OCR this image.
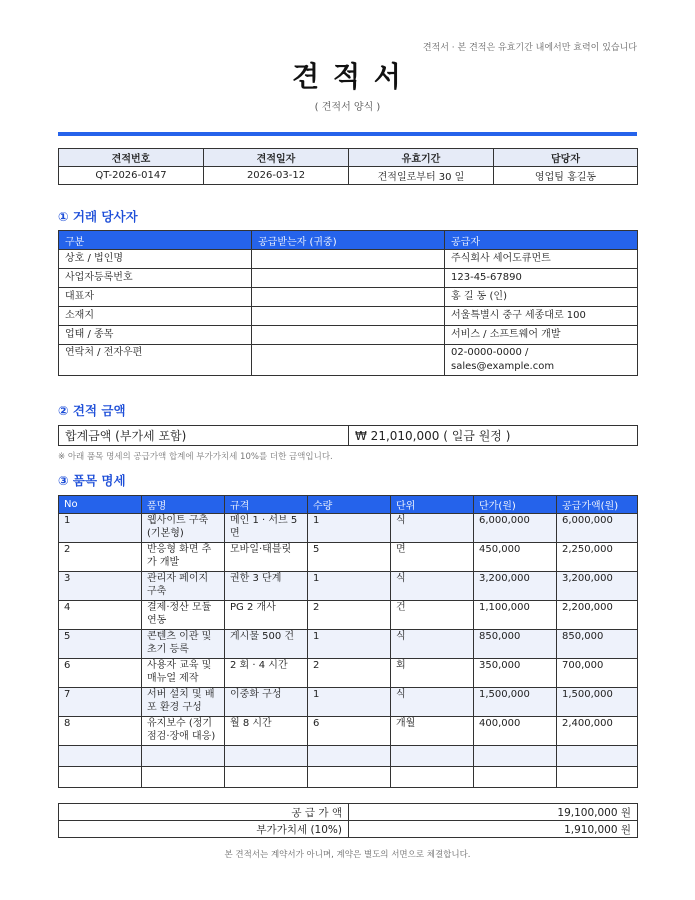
견적서 · 본 견적은 유효기간 내에서만 효력이 있습니다
견 적 서
( 견적서 양식 )
견적번호	견적일자	유효기간	담당자
QT-2026-0147	2026-03-12	견적일로부터 30 일	영업팀 홍길동
① 거래 당사자
구분	공급받는자 (귀중)	공급자
상호 / 법인명		주식회사 세어도큐먼트
사업자등록번호		123-45-67890
대표자		홍 길 동 (인)
소재지		서울특별시 중구 세종대로 100
업태 / 종목		서비스 / 소프트웨어 개발
연락처 / 전자우편		02-0000-0000 /
sales@example.com
② 견적 금액
합계금액 (부가세 포함)	₩ 21,010,000 ( 일금 원정 )
※ 아래 품목 명세의 공급가액 합계에 부가가치세 10%를 더한 금액입니다.
③ 품목 명세
No	품명	규격	수량	단위	단가(원)	공급가액(원)
1	웹사이트 구축 (기본형)	메인 1 · 서브 5 면	1	식	6,000,000	6,000,000
2	반응형 화면 추가 개발	모바일·태블릿	5	면	450,000	2,250,000
3	관리자 페이지 구축	권한 3 단계	1	식	3,200,000	3,200,000
4	결제·정산 모듈 연동	PG 2 개사	2	건	1,100,000	2,200,000
5	콘텐츠 이관 및 초기 등록	게시물 500 건	1	식	850,000	850,000
6	사용자 교육 및 매뉴얼 제작	2 회 · 4 시간	2	회	350,000	700,000
7	서버 설치 및 배포 환경 구성	이중화 구성	1	식	1,500,000	1,500,000
8	유지보수 (정기점검·장애 대응)	월 8 시간	6	개월	400,000	2,400,000

공 급 가 액	19,100,000 원
부가가치세 (10%)	1,910,000 원
본 견적서는 계약서가 아니며, 계약은 별도의 서면으로 체결합니다.
